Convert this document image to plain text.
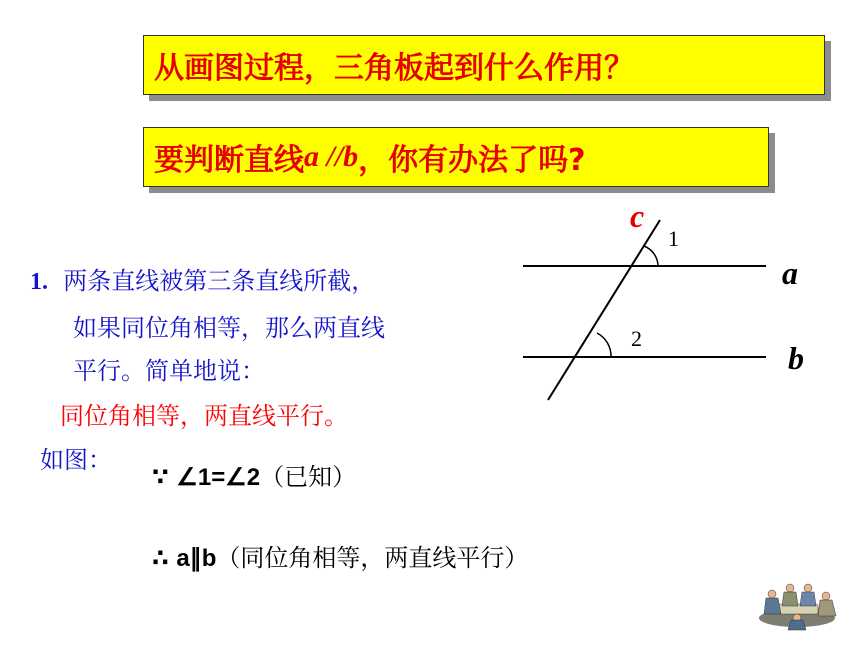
从画图过程，三角板起到什么作用？
要判断直线 a //b ，你有办法了吗?
1. 两条直线被第三条直线所截，
如果同位角相等，那么两直线
平行。简单地说：
同位角相等，两直线平行。
如图：
∵ ∠1=∠2（已知）
∴ a∥b（同位角相等，两直线平行）
c
1
2
a
b
